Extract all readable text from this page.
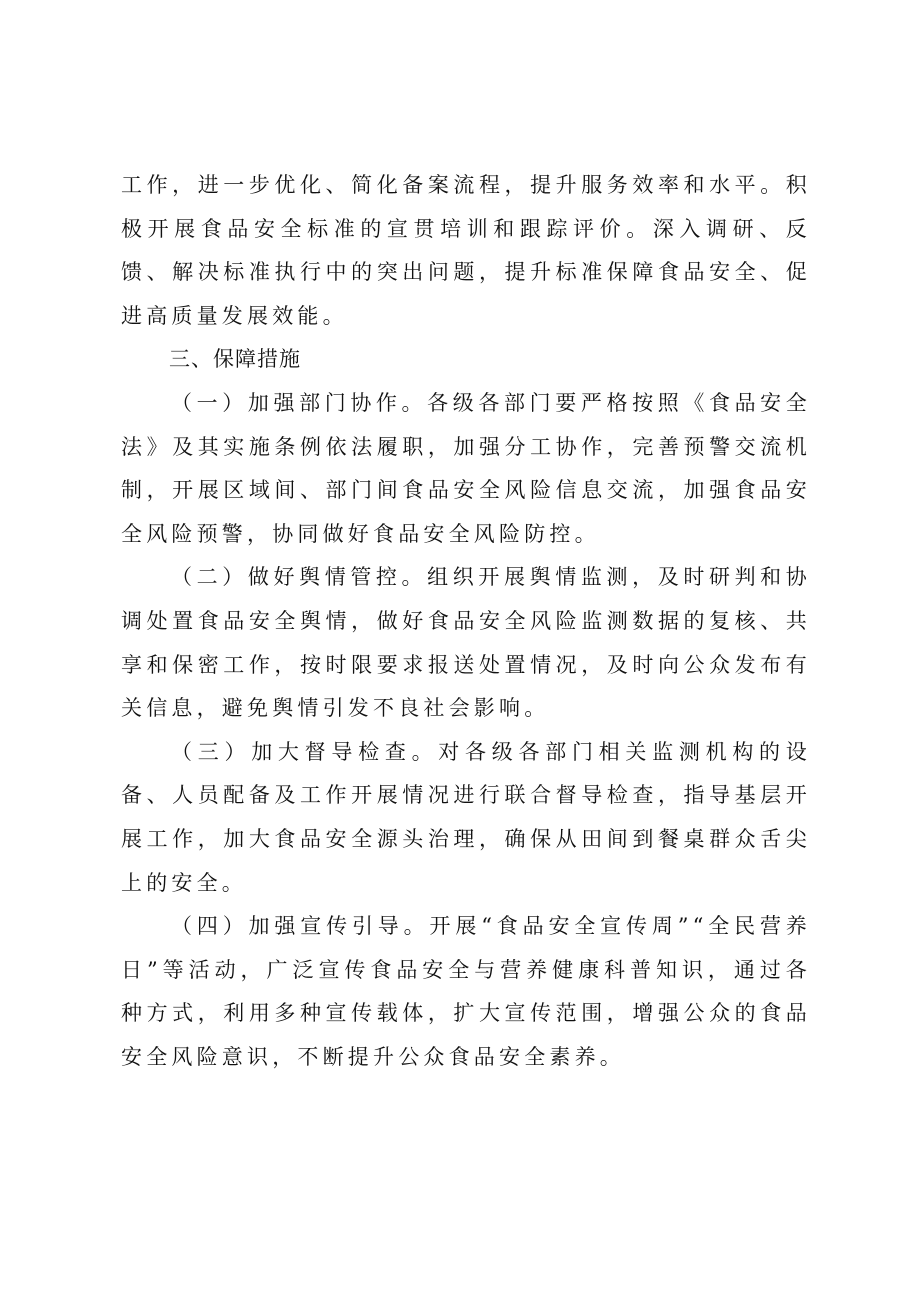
工作，进一步优化、简化备案流程，提升服务效率和水平。积极开展食品安全标准的宣贯培训和跟踪评价。深入调研、反馈、解决标准执行中的突出问题，提升标准保障食品安全、促进高质量发展效能。

三、保障措施

（一）加强部门协作。各级各部门要严格按照《食品安全法》及其实施条例依法履职，加强分工协作，完善预警交流机制，开展区域间、部门间食品安全风险信息交流，加强食品安全风险预警，协同做好食品安全风险防控。

（二）做好舆情管控。组织开展舆情监测，及时研判和协调处置食品安全舆情，做好食品安全风险监测数据的复核、共享和保密工作，按时限要求报送处置情况，及时向公众发布有关信息，避免舆情引发不良社会影响。

（三）加大督导检查。对各级各部门相关监测机构的设备、人员配备及工作开展情况进行联合督导检查，指导基层开展工作，加大食品安全源头治理，确保从田间到餐桌群众舌尖上的安全。

（四）加强宣传引导。开展“食品安全宣传周”“全民营养日”等活动，广泛宣传食品安全与营养健康科普知识，通过各种方式，利用多种宣传载体，扩大宣传范围，增强公众的食品安全风险意识，不断提升公众食品安全素养。
